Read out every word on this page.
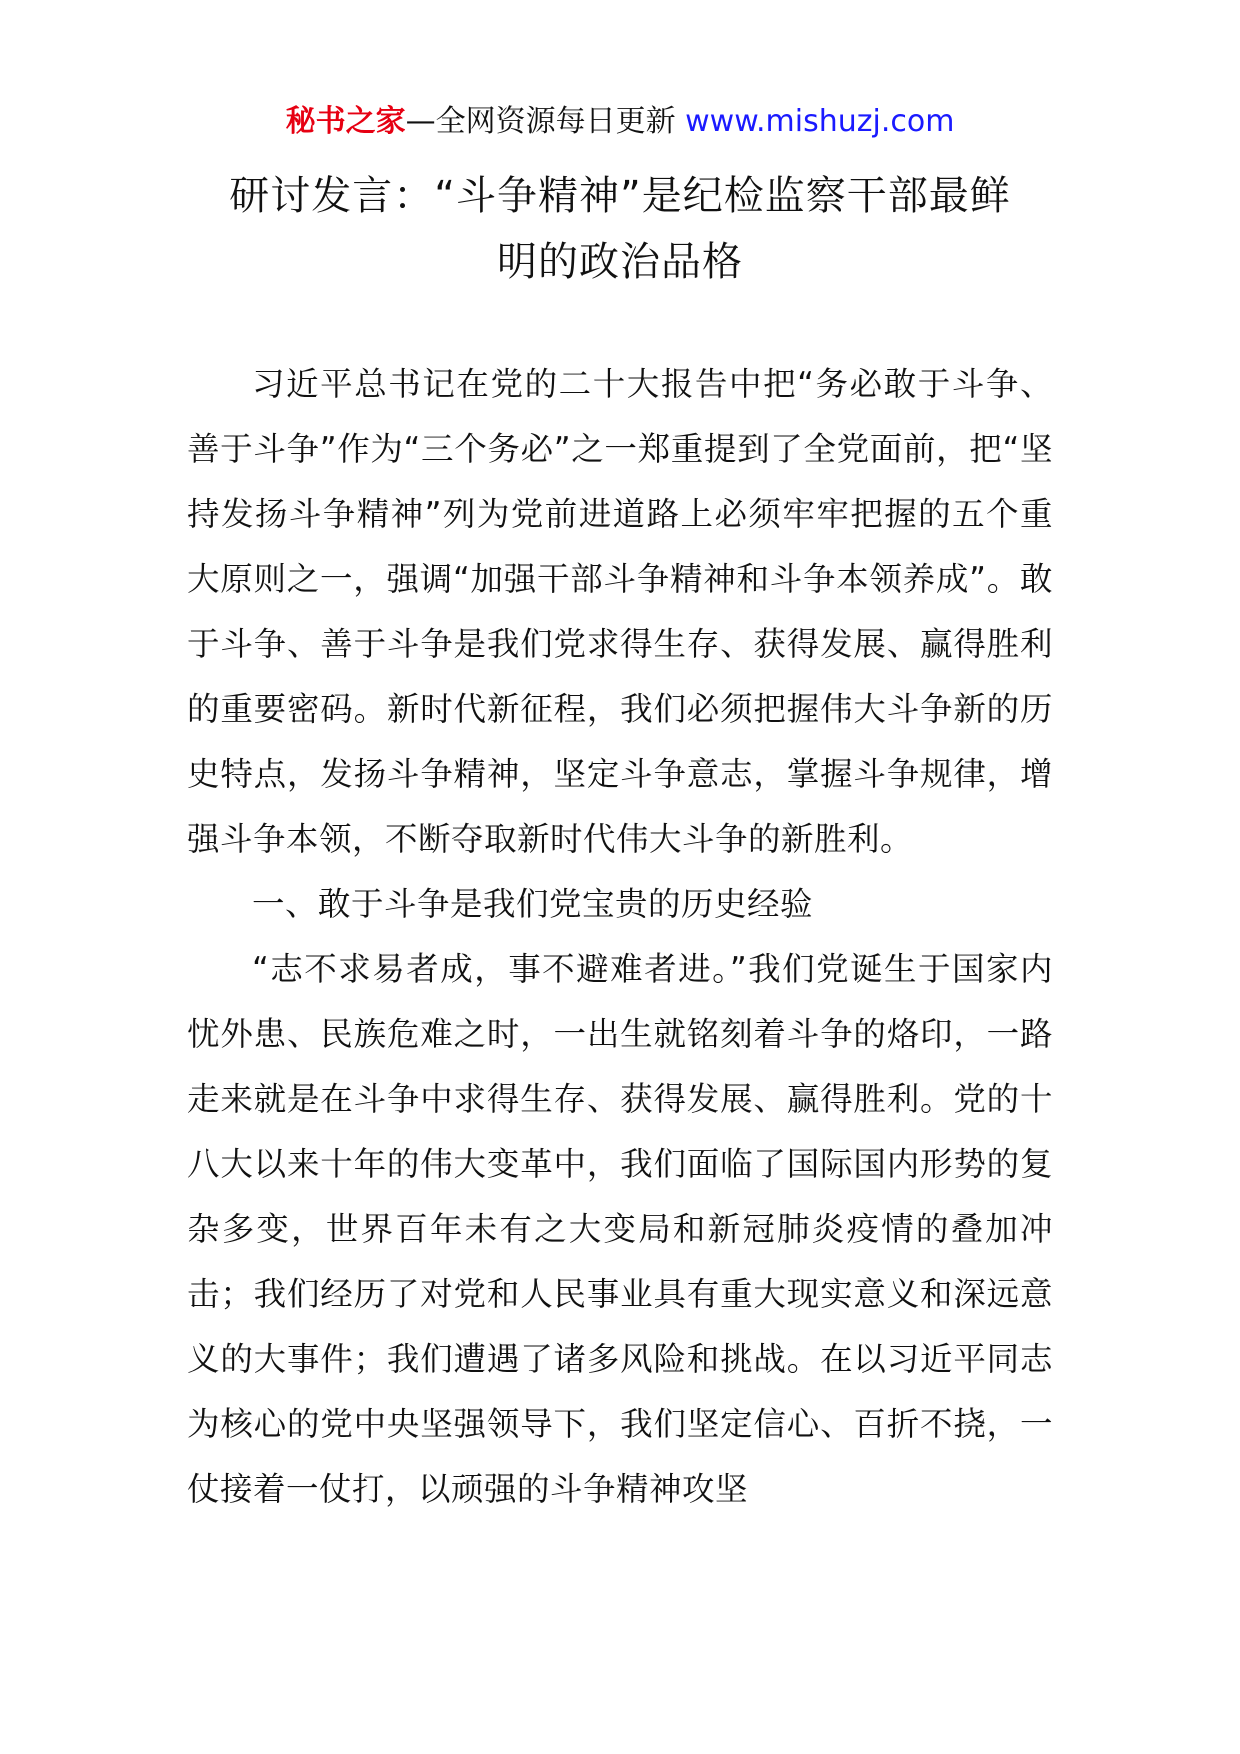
秘书之家—全网资源每日更新 www.mishuzj.com
研讨发言：“斗争精神”是纪检监察干部最鲜
明的政治品格

习近平总书记在党的二十大报告中把“务必敢于斗争、善于斗争”作为“三个务必”之一郑重提到了全党面前，把“坚持发扬斗争精神”列为党前进道路上必须牢牢把握的五个重大原则之一，强调“加强干部斗争精神和斗争本领养成”。敢于斗争、善于斗争是我们党求得生存、获得发展、赢得胜利的重要密码。新时代新征程，我们必须把握伟大斗争新的历史特点，发扬斗争精神，坚定斗争意志，掌握斗争规律，增强斗争本领，不断夺取新时代伟大斗争的新胜利。

一、敢于斗争是我们党宝贵的历史经验

“志不求易者成，事不避难者进。”我们党诞生于国家内忧外患、民族危难之时，一出生就铭刻着斗争的烙印，一路走来就是在斗争中求得生存、获得发展、赢得胜利。党的十八大以来十年的伟大变革中，我们面临了国际国内形势的复杂多变，世界百年未有之大变局和新冠肺炎疫情的叠加冲击；我们经历了对党和人民事业具有重大现实意义和深远意义的大事件；我们遭遇了诸多风险和挑战。在以习近平同志为核心的党中央坚强领导下，我们坚定信心、百折不挠，一仗接着一仗打，以顽强的斗争精神攻坚
